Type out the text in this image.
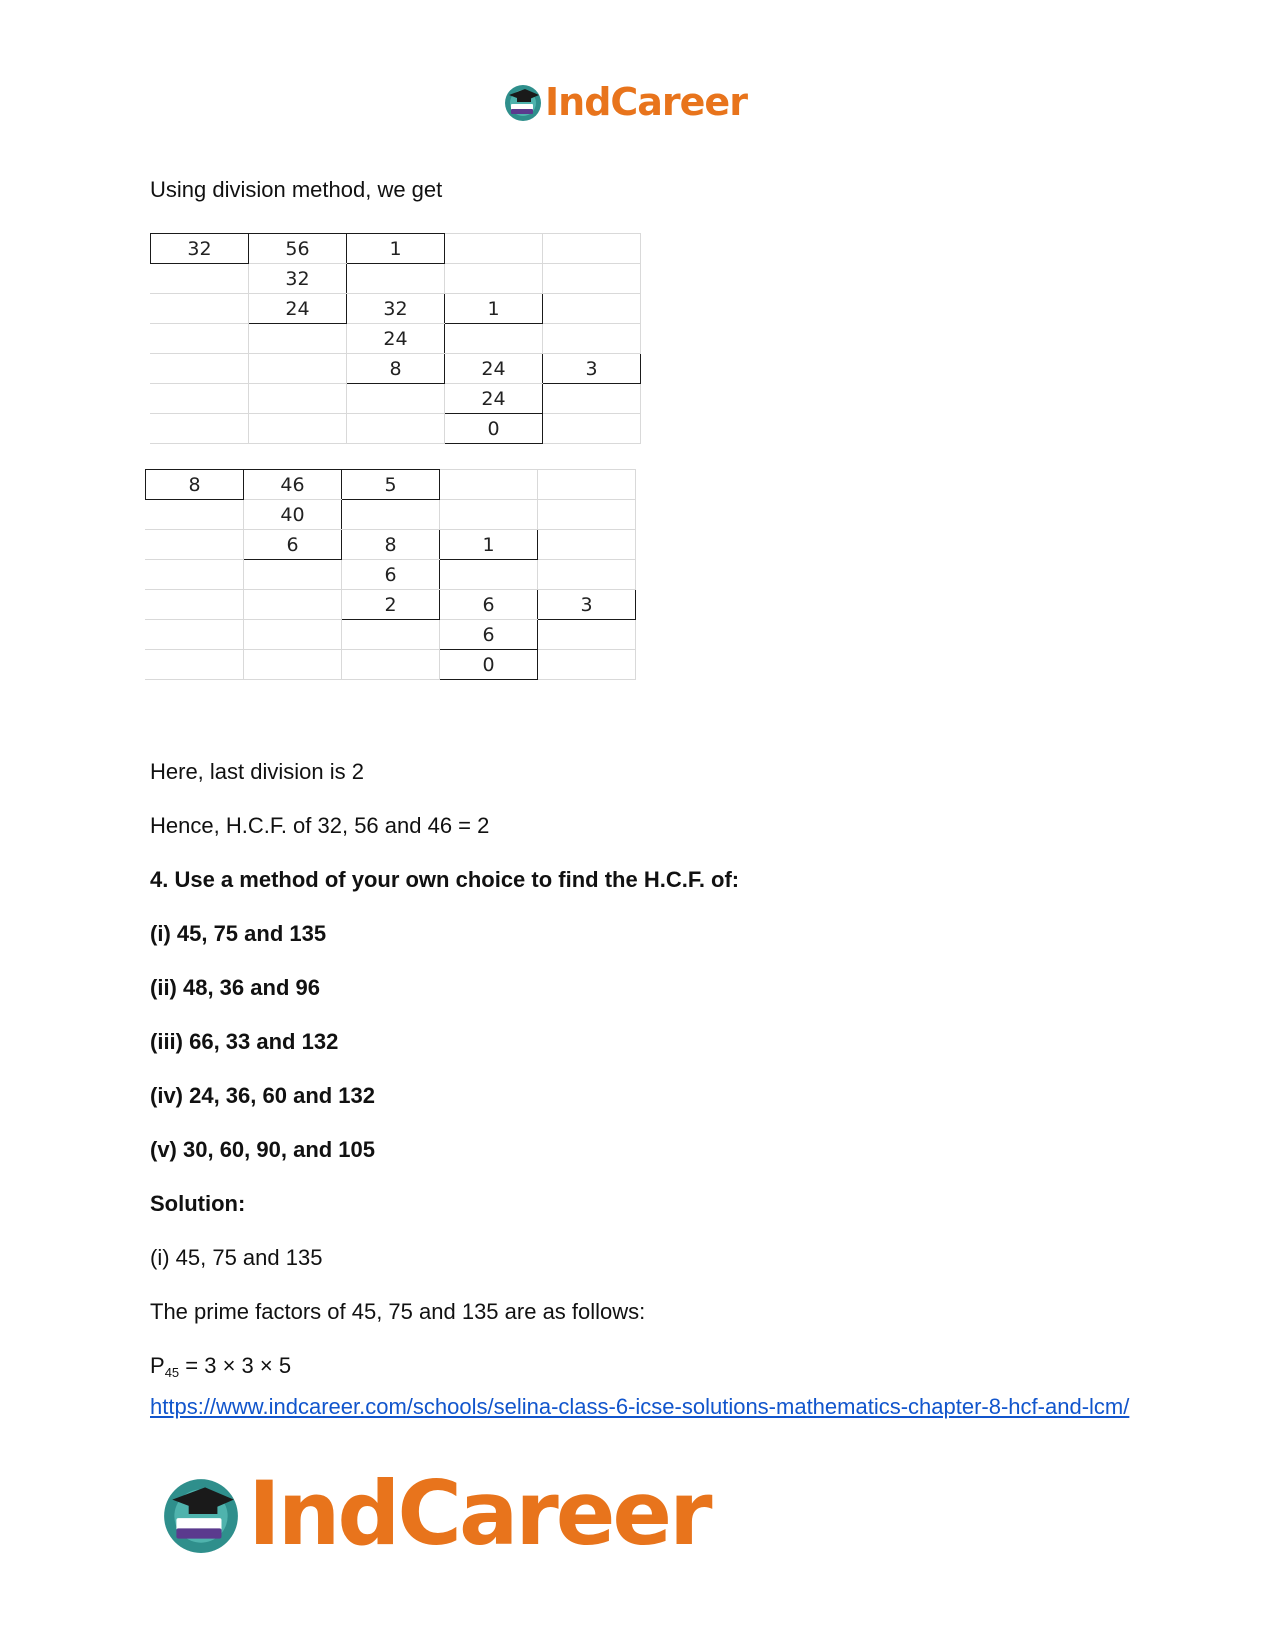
IndCareer
Using division method, we get
32	56	1		
	32			
	24	32	1	
		24		
		8	24	3
			24	
			0	
8	46	5		
	40			
	6	8	1	
		6		
		2	6	3
			6	
			0	
Here, last division is 2
Hence, H.C.F. of 32, 56 and 46 = 2
4. Use a method of your own choice to find the H.C.F. of:
(i) 45, 75 and 135
(ii) 48, 36 and 96
(iii) 66, 33 and 132
(iv) 24, 36, 60 and 132
(v) 30, 60, 90, and 105
Solution:
(i) 45, 75 and 135
The prime factors of 45, 75 and 135 are as follows:
$P_{45} = 3 \times 3 \times 5$
https://www.indcareer.com/schools/selina-class-6-icse-solutions-mathematics-chapter-8-hcf-and-lcm/
IndCareer
